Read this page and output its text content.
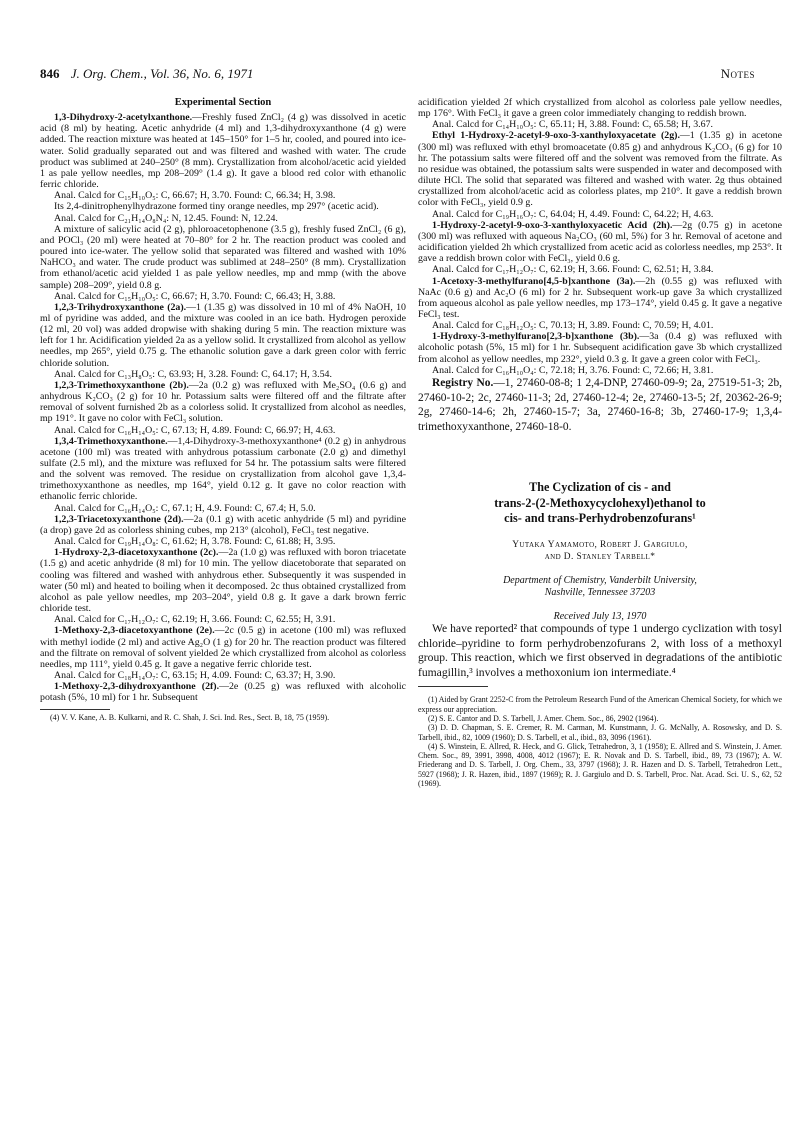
846 J. Org. Chem., Vol. 36, No. 6, 1971	Notes
Experimental Section

1,3-Dihydroxy-2-acetylxanthone.—Freshly fused ZnCl₂ (4 g) was dissolved in acetic acid (8 ml) by heating. Acetic anhydride (4 ml) and 1,3-dihydroxyxanthone (4 g) were added. The reaction mixture was heated at 145–150° for 1–5 hr, cooled, and poured into ice-water. Solid gradually separated out and was filtered and washed with water. The crude product was sublimed at 240–250° (8 mm). Crystallization from alcohol/acetic acid yielded 1 as pale yellow needles, mp 208–209° (1.4 g). It gave a blood red color with ethanolic ferric chloride.

Anal. Calcd for C₁₅H₁₀O₅: C, 66.67; H, 3.70. Found: C, 66.34; H, 3.98.

Its 2,4-dinitrophenylhydrazone formed tiny orange needles, mp 297° (acetic acid).

Anal. Calcd for C₂₁H₁₄O₈N₄: N, 12.45. Found: N, 12.24.

A mixture of salicylic acid (2 g), phloroacetophenone (3.5 g), freshly fused ZnCl₂ (6 g), and POCl₃ (20 ml) were heated at 70–80° for 2 hr. The reaction product was cooled and poured into ice-water. The yellow solid that separated was filtered and washed with 10% NaHCO₃ and water. The crude product was sublimed at 248–250° (8 mm). Crystallization from ethanol/acetic acid yielded 1 as pale yellow needles, mp and mmp (with the above sample) 208–209°, yield 0.8 g.

Anal. Calcd for C₁₅H₁₀O₅: C, 66.67; H, 3.70. Found: C, 66.43; H, 3.88.

1,2,3-Trihydroxyxanthone (2a).—1 (1.35 g) was dissolved in 10 ml of 4% NaOH, 10 ml of pyridine was added, and the mixture was cooled in an ice bath. Hydrogen peroxide (12 ml, 20 vol) was added dropwise with shaking during 5 min. The reaction mixture was left for 1 hr. Acidification yielded 2a as a yellow solid. It crystallized from alcohol as yellow needles, mp 265°, yield 0.75 g. The ethanolic solution gave a dark green color with ferric chloride solution.

Anal. Calcd for C₁₃H₈O₅: C, 63.93; H, 3.28. Found: C, 64.17; H, 3.54.

1,2,3-Trimethoxyxanthone (2b).—2a (0.2 g) was refluxed with Me₂SO₄ (0.6 g) and anhydrous K₂CO₃ (2 g) for 10 hr. Potassium salts were filtered off and the filtrate after removal of solvent furnished 2b as a colorless solid. It crystallized from alcohol as needles, mp 191°. It gave no color with FeCl₃ solution.

Anal. Calcd for C₁₆H₁₄O₅: C, 67.13; H, 4.89. Found: C, 66.97; H, 4.63.

1,3,4-Trimethoxyxanthone.—1,4-Dihydroxy-3-methoxyxanthone⁴ (0.2 g) in anhydrous acetone (100 ml) was treated with anhydrous potassium carbonate (2.0 g) and dimethyl sulfate (2.5 ml), and the mixture was refluxed for 54 hr. The potassium salts were filtered and the solvent was removed. The residue on crystallization from alcohol gave 1,3,4-trimethoxyxanthone as needles, mp 164°, yield 0.12 g. It gave no color reaction with ethanolic ferric chloride.

Anal. Calcd for C₁₆H₁₄O₅: C, 67.1; H, 4.9. Found: C, 67.4; H, 5.0.

1,2,3-Triacetoxyxanthone (2d).—2a (0.1 g) with acetic anhydride (5 ml) and pyridine (a drop) gave 2d as colorless shining cubes, mp 213° (alcohol), FeCl₃ test negative.

Anal. Calcd for C₁₉H₁₄O₈: C, 61.62; H, 3.78. Found: C, 61.88; H, 3.95.

1-Hydroxy-2,3-diacetoxyxanthone (2c).—2a (1.0 g) was refluxed with boron triacetate (1.5 g) and acetic anhydride (8 ml) for 10 min. The yellow diacetoborate that separated on cooling was filtered and washed with anhydrous ether. Subsequently it was suspended in water (50 ml) and heated to boiling when it decomposed. 2c thus obtained crystallized from alcohol as pale yellow needles, mp 203–204°, yield 0.8 g. It gave a dark brown ferric chloride test.

Anal. Calcd for C₁₇H₁₂O₇: C, 62.19; H, 3.66. Found: C, 62.55; H, 3.91.

1-Methoxy-2,3-diacetoxyanthone (2e).—2c (0.5 g) in acetone (100 ml) was refluxed with methyl iodide (2 ml) and active Ag₂O (1 g) for 20 hr. The reaction product was filtered and the filtrate on removal of solvent yielded 2e which crystallized from alcohol as colorless needles, mp 111°, yield 0.45 g. It gave a negative ferric chloride test.

Anal. Calcd for C₁₈H₁₄O₇: C, 63.15; H, 4.09. Found: C, 63.37; H, 3.90.

1-Methoxy-2,3-dihydroxyanthone (2f).—2e (0.25 g) was refluxed with alcoholic potash (5%, 10 ml) for 1 hr. Subsequent

(4) V. V. Kane, A. B. Kulkarni, and R. C. Shah, J. Sci. Ind. Res., Sect. B, 18, 75 (1959).

acidification yielded 2f which crystallized from alcohol as colorless pale yellow needles, mp 176°. With FeCl₃ it gave a green color immediately changing to reddish brown.

Anal. Calcd for C₁₄H₁₀O₅: C, 65.11; H, 3.88. Found: C, 65.58; H, 3.67.

Ethyl 1-Hydroxy-2-acetyl-9-oxo-3-xanthyloxyacetate (2g).—1 (1.35 g) in acetone (300 ml) was refluxed with ethyl bromoacetate (0.85 g) and anhydrous K₂CO₃ (6 g) for 10 hr. The potassium salts were filtered off and the solvent was removed from the filtrate. As no residue was obtained, the potassium salts were suspended in water and decomposed with dilute HCl. The solid that separated was filtered and washed with water. 2g thus obtained crystallized from alcohol/acetic acid as colorless plates, mp 210°. It gave a reddish brown color with FeCl₃, yield 0.9 g.

Anal. Calcd for C₁₉H₁₆O₇: C, 64.04; H, 4.49. Found: C, 64.22; H, 4.63.

1-Hydroxy-2-acetyl-9-oxo-3-xanthyloxyacetic Acid (2h).—2g (0.75 g) in acetone (300 ml) was refluxed with aqueous Na₂CO₃ (60 ml, 5%) for 3 hr. Removal of acetone and acidification yielded 2h which crystallized from acetic acid as colorless needles, mp 253°. It gave a reddish brown color with FeCl₃, yield 0.6 g.

Anal. Calcd for C₁₇H₁₂O₇: C, 62.19; H, 3.66. Found: C, 62.51; H, 3.84.

1-Acetoxy-3-methylfurano[4,5-b]xanthone (3a).—2h (0.55 g) was refluxed with NaAc (0.6 g) and Ac₂O (6 ml) for 2 hr. Subsequent work-up gave 3a which crystallized from aqueous alcohol as pale yellow needles, mp 173–174°, yield 0.45 g. It gave a negative FeCl₃ test.

Anal. Calcd for C₁₈H₁₂O₅: C, 70.13; H, 3.89. Found: C, 70.59; H, 4.01.

1-Hydroxy-3-methylfurano[2,3-b]xanthone (3b).—3a (0.4 g) was refluxed with alcoholic potash (5%, 15 ml) for 1 hr. Subsequent acidification gave 3b which crystallized from alcohol as yellow needles, mp 232°, yield 0.3 g. It gave a green color with FeCl₃.

Anal. Calcd for C₁₆H₁₀O₄: C, 72.18; H, 3.76. Found: C, 72.66; H, 3.81.

Registry No.—1, 27460-08-8; 1 2,4-DNP, 27460-09-9; 2a, 27519-51-3; 2b, 27460-10-2; 2c, 27460-11-3; 2d, 27460-12-4; 2e, 27460-13-5; 2f, 20362-26-9; 2g, 27460-14-6; 2h, 27460-15-7; 3a, 27460-16-8; 3b, 27460-17-9; 1,3,4-trimethoxyxanthone, 27460-18-0.

The Cyclization of cis - and
trans-2-(2-Methoxycyclohexyl)ethanol to
cis- and trans-Perhydrobenzofurans¹
Yutaka Yamamoto, Robert J. Gargiulo,
and D. Stanley Tarbell*
Department of Chemistry, Vanderbilt University,
Nashville, Tennessee 37203
Received July 13, 1970

We have reported² that compounds of type 1 undergo cyclization with tosyl chloride–pyridine to form perhydrobenzofurans 2, with loss of a methoxyl group. This reaction, which we first observed in degradations of the antibiotic fumagillin,³ involves a methoxonium ion intermediate.⁴

(1) Aided by Grant 2252-C from the Petroleum Research Fund of the American Chemical Society, for which we express our appreciation.

(2) S. E. Cantor and D. S. Tarbell, J. Amer. Chem. Soc., 86, 2902 (1964).

(3) D. D. Chapman, S. E. Cremer, R. M. Carman, M. Kunstmann, J. G. McNally, A. Rosowsky, and D. S. Tarbell, ibid., 82, 1009 (1960); D. S. Tarbell, et al., ibid., 83, 3096 (1961).

(4) S. Winstein, E. Allred, R. Heck, and G. Glick, Tetrahedron, 3, 1 (1958); E. Allred and S. Winstein, J. Amer. Chem. Soc., 89, 3991, 3998, 4008, 4012 (1967); E. R. Novak and D. S. Tarbell, ibid., 89, 73 (1967); A. W. Friederang and D. S. Tarbell, J. Org. Chem., 33, 3797 (1968); J. R. Hazen and D. S. Tarbell, Tetrahedron Lett., 5927 (1968); J. R. Hazen, ibid., 1897 (1969); R. J. Gargiulo and D. S. Tarbell, Proc. Nat. Acad. Sci. U. S., 62, 52 (1969).
